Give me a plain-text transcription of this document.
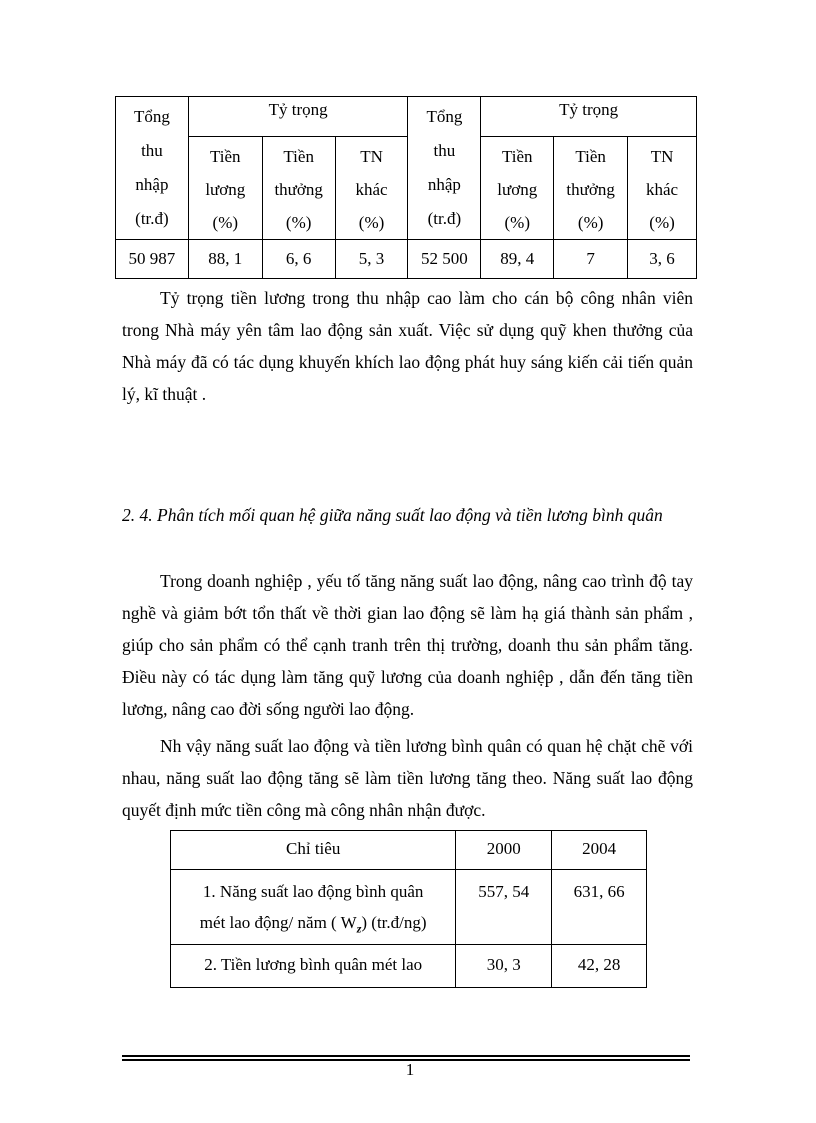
Tổng
thu
nhập
(tr.đ)	Tỷ trọng			Tổng
thu
nhập
(tr.đ)	Tỷ trọng		

	Tiền
lương
(%)	Tiền
thưởng
(%)	TN
khác
(%)		Tiền
lương
(%)	Tiền
thưởng
(%)	TN
khác
(%)

50 987	88, 1	6, 6	5, 3	52 500	89, 4	7	3, 6

Tỷ trọng tiền lương trong thu nhập cao làm cho cán bộ công nhân viên trong Nhà máy yên tâm lao động sản xuất. Việc sử dụng quỹ khen thưởng của Nhà máy đã có tác dụng khuyến khích lao động phát huy sáng kiến cải tiến quản lý, kĩ thuật .

2. 4. Phân tích mối quan hệ giữa năng suất lao động và tiền lương bình quân

Trong doanh nghiệp , yếu tố tăng năng suất lao động, nâng cao trình độ tay nghề và giảm bớt tổn thất về thời gian lao động sẽ làm hạ giá thành sản phẩm , giúp cho sản phẩm có thể cạnh tranh trên thị trường, doanh thu sản phẩm tăng. Điều này có tác dụng làm tăng quỹ lương của doanh nghiệp , dẫn đến tăng tiền lương, nâng cao đời sống người lao động.

Nh vậy năng suất lao động và tiền lương bình quân có quan hệ chặt chẽ với nhau, năng suất lao động tăng sẽ làm tiền lương tăng theo. Năng suất lao động quyết định mức tiền công mà công nhân nhận được.

Chỉ tiêu	2000	2004

1. Năng suất lao động bình quân
mét lao động/ năm ( $W_z$) (tr.đ/ng)	557, 54	631, 66
2. Tiền lương bình quân mét lao	30, 3	42, 28
1
